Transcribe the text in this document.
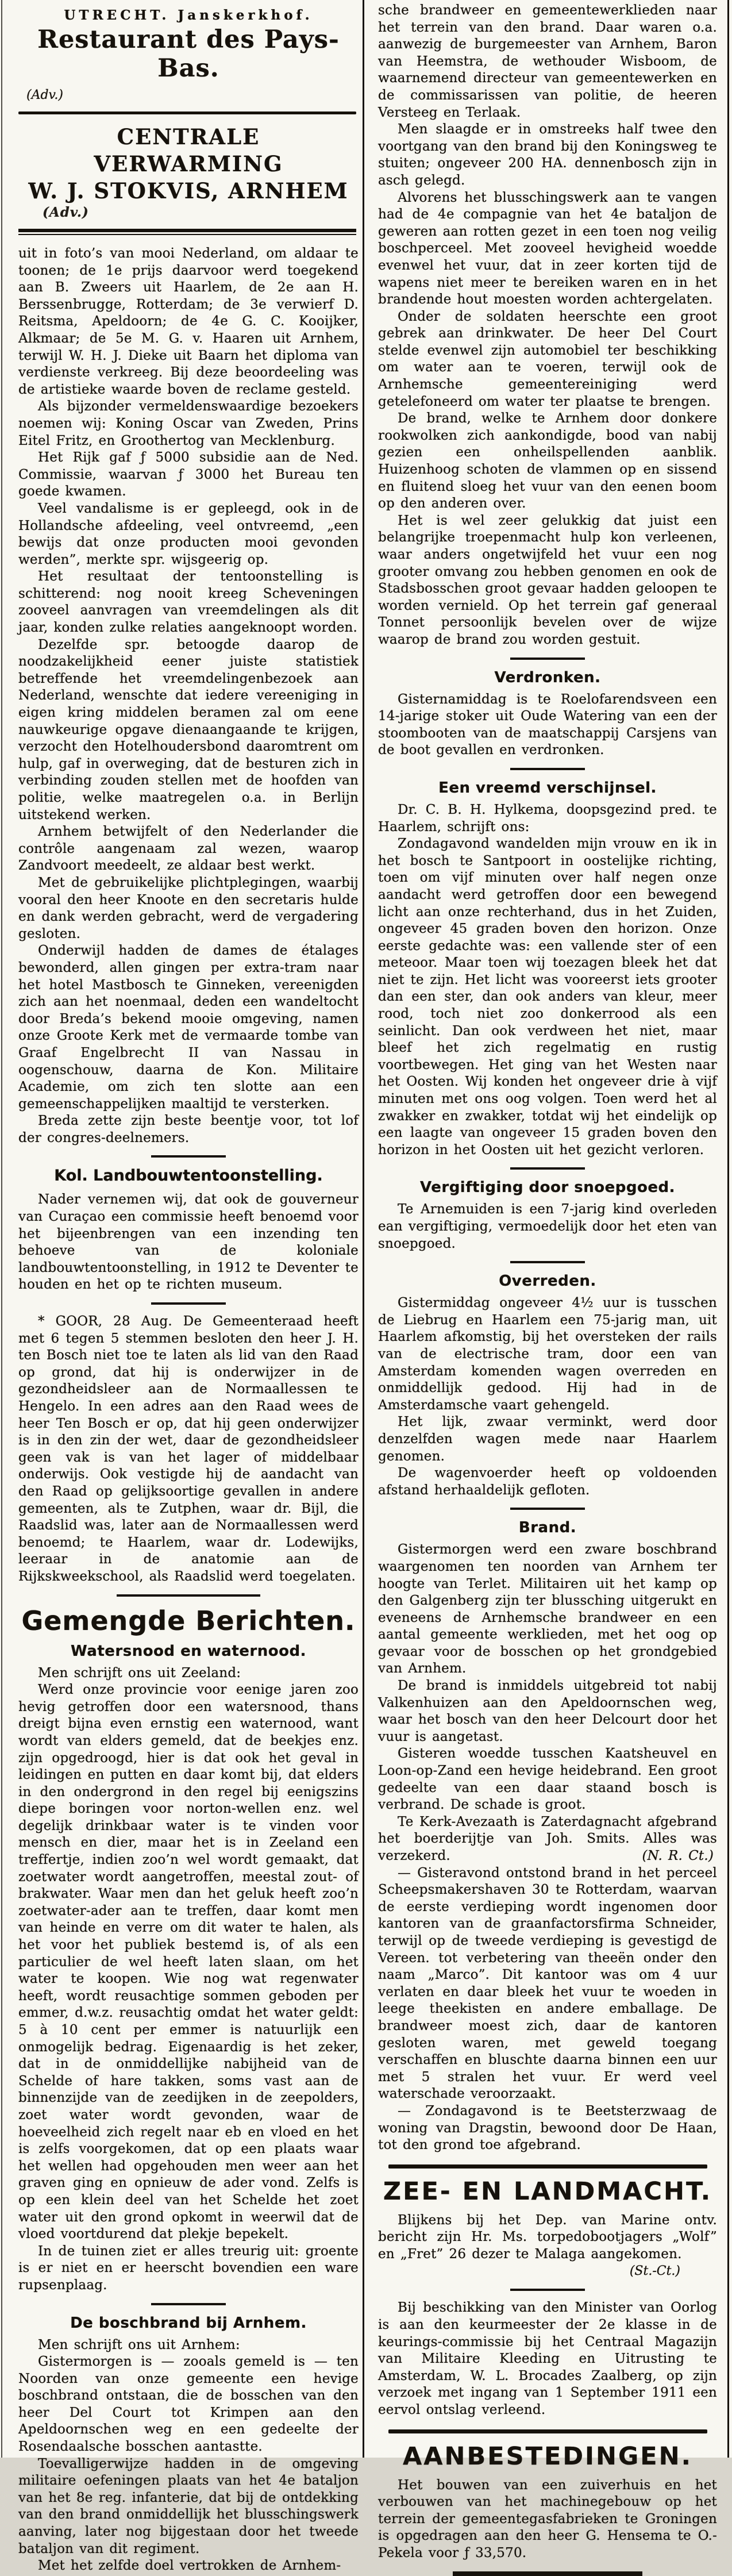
UTRECHT. Janskerkhof.
Restaurant des Pays-Bas.
(Adv.)
CENTRALE VERWARMING
W. J. STOKVIS, ARNHEM
(Adv.)

uit in foto’s van mooi Nederland, om aldaar te toonen; de 1e prijs daarvoor werd toegekend aan B. Zweers uit Haarlem, de 2e aan H. Berssenbrugge, Rotterdam; de 3e verwierf D. Reitsma, Apeldoorn; de 4e G. C. Kooijker, Alkmaar; de 5e M. G. v. Haaren uit Arnhem, terwijl W. H. J. Dieke uit Baarn het diploma van verdienste verkreeg. Bij deze beoordeeling was de artistieke waarde boven de reclame gesteld.

Als bijzonder vermeldenswaardige bezoekers noemen wij: Koning Oscar van Zweden, Prins Eitel Fritz, en Groothertog van Mecklenburg.

Het Rijk gaf ƒ 5000 subsidie aan de Ned. Commissie, waarvan ƒ 3000 het Bureau ten goede kwamen.

Veel vandalisme is er gepleegd, ook in de Hollandsche afdeeling, veel ontvreemd, „een bewijs dat onze producten mooi gevonden werden”, merkte spr. wijsgeerig op.

Het resultaat der tentoonstelling is schitterend: nog nooit kreeg Scheveningen zooveel aanvragen van vreemdelingen als dit jaar, konden zulke relaties aangeknoopt worden.

Dezelfde spr. betoogde daarop de noodzakelijkheid eener juiste statistiek betreffende het vreemdelingenbezoek aan Nederland, wenschte dat iedere vereeniging in eigen kring middelen beramen zal om eene nauwkeurige opgave dienaangaande te krijgen, verzocht den Hotelhoudersbond daaromtrent om hulp, gaf in overweging, dat de besturen zich in verbinding zouden stellen met de hoofden van politie, welke maatregelen o.a. in Berlijn uitstekend werken.

Arnhem betwijfelt of den Nederlander die contrôle aangenaam zal wezen, waarop Zandvoort meedeelt, ze aldaar best werkt.

Met de gebruikelijke plichtplegingen, waarbij vooral den heer Knoote en den secretaris hulde en dank werden gebracht, werd de vergadering gesloten.

Onderwijl hadden de dames de étalages bewonderd, allen gingen per extra-tram naar het hotel Mastbosch te Ginneken, vereenigden zich aan het noenmaal, deden een wandeltocht door Breda’s bekend mooie omgeving, namen onze Groote Kerk met de vermaarde tombe van Graaf Engelbrecht II van Nassau in oogenschouw, daarna de Kon. Militaire Academie, om zich ten slotte aan een gemeenschappelijken maaltijd te versterken.

Breda zette zijn beste beentje voor, tot lof der congres-deelnemers.

Kol. Landbouwtentoonstelling.

Nader vernemen wij, dat ook de gouverneur van Curaçao een commissie heeft benoemd voor het bijeenbrengen van een inzending ten behoeve van de koloniale landbouwtentoonstelling, in 1912 te Deventer te houden en het op te richten museum.

* GOOR, 28 Aug. De Gemeenteraad heeft met 6 tegen 5 stemmen besloten den heer J. H. ten Bosch niet toe te laten als lid van den Raad op grond, dat hij is onderwijzer in de gezondheidsleer aan de Normaallessen te Hengelo. In een adres aan den Raad wees de heer Ten Bosch er op, dat hij geen onderwijzer is in den zin der wet, daar de gezondheidsleer geen vak is van het lager of middelbaar onderwijs. Ook vestigde hij de aandacht van den Raad op gelijksoortige gevallen in andere gemeenten, als te Zutphen, waar dr. Bijl, die Raadslid was, later aan de Normaallessen werd benoemd; te Haarlem, waar dr. Lodewijks, leeraar in de anatomie aan de Rijkskweekschool, als Raadslid werd toegelaten.

Gemengde Berichten.
Watersnood en waternood.

Men schrijft ons uit Zeeland:

Werd onze provincie voor eenige jaren zoo hevig getroffen door een watersnood, thans dreigt bijna even ernstig een waternood, want wordt van elders gemeld, dat de beekjes enz. zijn opgedroogd, hier is dat ook het geval in leidingen en putten en daar komt bij, dat elders in den ondergrond in den regel bij eenigszins diepe boringen voor norton-wellen enz. wel degelijk drinkbaar water is te vinden voor mensch en dier, maar het is in Zeeland een treffertje, indien zoo’n wel wordt gemaakt, dat zoetwater wordt aangetroffen, meestal zout- of brakwater. Waar men dan het geluk heeft zoo’n zoetwater-ader aan te treffen, daar komt men van heinde en verre om dit water te halen, als het voor het publiek bestemd is, of als een particulier de wel heeft laten slaan, om het water te koopen. Wie nog wat regenwater heeft, wordt reusachtige sommen geboden per emmer, d.w.z. reusachtig omdat het water geldt: 5 à 10 cent per emmer is natuurlijk een onmogelijk bedrag. Eigenaardig is het zeker, dat in de onmiddellijke nabijheid van de Schelde of hare takken, soms vast aan de binnenzijde van de zeedijken in de zeepolders, zoet water wordt gevonden, waar de hoeveelheid zich regelt naar eb en vloed en het is zelfs voorgekomen, dat op een plaats waar het wellen had opgehouden men weer aan het graven ging en opnieuw de ader vond. Zelfs is op een klein deel van het Schelde het zoet water uit den grond opkomt in weerwil dat de vloed voortdurend dat plekje bepekelt.

In de tuinen ziet er alles treurig uit: groente is er niet en er heerscht bovendien een ware rupsenplaag.

De boschbrand bij Arnhem.

Men schrijft ons uit Arnhem:

Gistermorgen is — zooals gemeld is — ten Noorden van onze gemeente een hevige boschbrand ontstaan, die de bosschen van den heer Del Court tot Krimpen aan den Apeldoornschen weg en een gedeelte der Rosendaalsche bosschen aantastte.

Toevalligerwijze hadden in de omgeving militaire oefeningen plaats van het 4e bataljon van het 8e reg. infanterie, dat bij de ontdekking van den brand onmiddellijk het blusschingswerk aanving, later nog bijgestaan door het tweede bataljon van dit regiment.

Met het zelfde doel vertrokken de Arnhem-

sche brandweer en gemeentewerklieden naar het terrein van den brand. Daar waren o.a. aanwezig de burgemeester van Arnhem, Baron van Heemstra, de wethouder Wisboom, de waarnemend directeur van gemeentewerken en de commissarissen van politie, de heeren Versteeg en Terlaak.

Men slaagde er in omstreeks half twee den voortgang van den brand bij den Koningsweg te stuiten; ongeveer 200 HA. dennenbosch zijn in asch gelegd.

Alvorens het blusschingswerk aan te vangen had de 4e compagnie van het 4e bataljon de geweren aan rotten gezet in een toen nog veilig boschperceel. Met zooveel hevigheid woedde evenwel het vuur, dat in zeer korten tijd de wapens niet meer te bereiken waren en in het brandende hout moesten worden achtergelaten.

Onder de soldaten heerschte een groot gebrek aan drinkwater. De heer Del Court stelde evenwel zijn automobiel ter beschikking om water aan te voeren, terwijl ook de Arnhemsche gemeentereiniging werd getelefoneerd om water ter plaatse te brengen.

De brand, welke te Arnhem door donkere rookwolken zich aankondigde, bood van nabij gezien een onheilspellenden aanblik. Huizenhoog schoten de vlammen op en sissend en fluitend sloeg het vuur van den eenen boom op den anderen over.

Het is wel zeer gelukkig dat juist een belangrijke troepenmacht hulp kon verleenen, waar anders ongetwijfeld het vuur een nog grooter omvang zou hebben genomen en ook de Stadsbosschen groot gevaar hadden geloopen te worden vernield. Op het terrein gaf generaal Tonnet persoonlijk bevelen over de wijze waarop de brand zou worden gestuit.

Verdronken.

Gisternamiddag is te Roelofarendsveen een 14-jarige stoker uit Oude Watering van een der stoombooten van de maatschappij Carsjens van de boot gevallen en verdronken.

Een vreemd verschijnsel.

Dr. C. B. H. Hylkema, doopsgezind pred. te Haarlem, schrijft ons:

Zondagavond wandelden mijn vrouw en ik in het bosch te Santpoort in oostelijke richting, toen om vijf minuten over half negen onze aandacht werd getroffen door een bewegend licht aan onze rechterhand, dus in het Zuiden, ongeveer 45 graden boven den horizon. Onze eerste gedachte was: een vallende ster of een meteoor. Maar toen wij toezagen bleek het dat niet te zijn. Het licht was vooreerst iets grooter dan een ster, dan ook anders van kleur, meer rood, toch niet zoo donkerrood als een seinlicht. Dan ook verdween het niet, maar bleef het zich regelmatig en rustig voortbewegen. Het ging van het Westen naar het Oosten. Wij konden het ongeveer drie à vijf minuten met ons oog volgen. Toen werd het al zwakker en zwakker, totdat wij het eindelijk op een laagte van ongeveer 15 graden boven den horizon in het Oosten uit het gezicht verloren.

Vergiftiging door snoepgoed.

Te Arnemuiden is een 7-jarig kind overleden ean vergiftiging, vermoedelijk door het eten van snoepgoed.

Overreden.

Gistermiddag ongeveer 4½ uur is tusschen de Liebrug en Haarlem een 75-jarig man, uit Haarlem afkomstig, bij het oversteken der rails van de electrische tram, door een van Amsterdam komenden wagen overreden en onmiddellijk gedood. Hij had in de Amsterdamsche vaart gehengeld.

Het lijk, zwaar verminkt, werd door denzelfden wagen mede naar Haarlem genomen.

De wagenvoerder heeft op voldoenden afstand herhaaldelijk gefloten.

Brand.

Gistermorgen werd een zware boschbrand waargenomen ten noorden van Arnhem ter hoogte van Terlet. Militairen uit het kamp op den Galgenberg zijn ter blussching uitgerukt en eveneens de Arnhemsche brandweer en een aantal gemeente werklieden, met het oog op gevaar voor de bosschen op het grondgebied van Arnhem.

De brand is inmiddels uitgebreid tot nabij Valkenhuizen aan den Apeldoornschen weg, waar het bosch van den heer Delcourt door het vuur is aangetast.

Gisteren woedde tusschen Kaatsheuvel en Loon-op-Zand een hevige heidebrand. Een groot gedeelte van een daar staand bosch is verbrand. De schade is groot.

Te Kerk-Avezaath is Zaterdagnacht afgebrand het boerderijtje van Joh. Smits. Alles was verzekerd.	(N. R. Ct.)

— Gisteravond ontstond brand in het perceel Scheepsmakershaven 30 te Rotterdam, waarvan de eerste verdieping wordt ingenomen door kantoren van de graanfactorsfirma Schneider, terwijl op de tweede verdieping is gevestigd de Vereen. tot verbetering van theeën onder den naam „Marco”. Dit kantoor was om 4 uur verlaten en daar bleek het vuur te woeden in leege theekisten en andere emballage. De brandweer moest zich, daar de kantoren gesloten waren, met geweld toegang verschaffen en bluschte daarna binnen een uur met 5 stralen het vuur. Er werd veel waterschade veroorzaakt.

— Zondagavond is te Beetsterzwaag de woning van Dragstin, bewoond door De Haan, tot den grond toe afgebrand.

ZEE- EN LANDMACHT.

Blijkens bij het Dep. van Marine ontv. bericht zijn Hr. Ms. torpedobootjagers „Wolf” en „Fret” 26 dezer te Malaga aangekomen.

(St.-Ct.)

Bij beschikking van den Minister van Oorlog is aan den keurmeester der 2e klasse in de keurings-commissie bij het Centraal Magazijn van Militaire Kleeding en Uitrusting te Amsterdam, W. L. Brocades Zaalberg, op zijn verzoek met ingang van 1 September 1911 een eervol ontslag verleend.

AANBESTEDINGEN.

Het bouwen van een zuiverhuis en het verbouwen van het machinegebouw op het terrein der gemeentegasfabrieken te Groningen is opgedragen aan den heer G. Hensema te O.-Pekela voor ƒ 33,570.
